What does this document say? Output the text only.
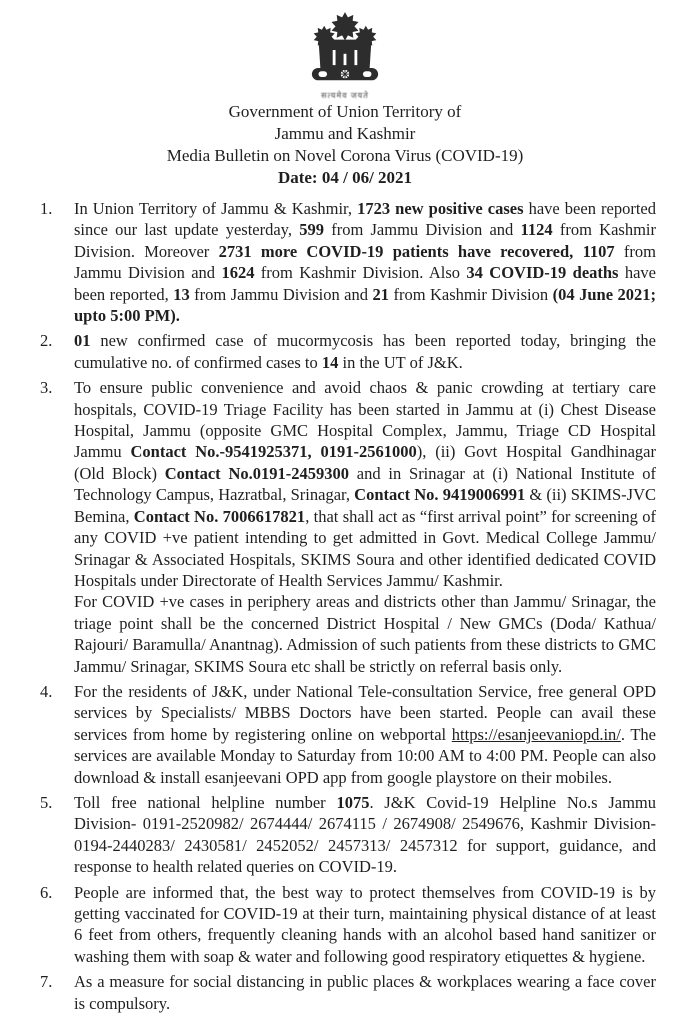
सत्यमेव जयते
Government of Union Territory of
Jammu and Kashmir
Media Bulletin on Novel Corona Virus (COVID-19)
Date: 04 / 06/ 2021
1.	In Union Territory of Jammu & Kashmir, 1723 new positive cases have been reported since our last update yesterday, 599 from Jammu Division and 1124 from Kashmir Division. Moreover 2731 more COVID-19 patients have recovered, 1107 from Jammu Division and 1624 from Kashmir Division. Also 34 COVID-19 deaths have been reported, 13 from Jammu Division and 21 from Kashmir Division (04 June 2021; upto 5:00 PM).

2.	01 new confirmed case of mucormycosis has been reported today, bringing the cumulative no. of confirmed cases to 14 in the UT of J&K.

3.	To ensure public convenience and avoid chaos & panic crowding at tertiary care hospitals, COVID-19 Triage Facility has been started in Jammu at (i) Chest Disease Hospital, Jammu (opposite GMC Hospital Complex, Jammu, Triage CD Hospital Jammu Contact No.-9541925371, 0191-2561000), (ii) Govt Hospital Gandhinagar (Old Block) Contact No.0191-2459300 and in Srinagar at (i) National Institute of Technology Campus, Hazratbal, Srinagar, Contact No. 9419006991 & (ii) SKIMS-JVC Bemina, Contact No. 7006617821, that shall act as “first arrival point” for screening of any COVID +ve patient intending to get admitted in Govt. Medical College Jammu/ Srinagar & Associated Hospitals, SKIMS Soura and other identified dedicated COVID Hospitals under Directorate of Health Services Jammu/ Kashmir.

For COVID +ve cases in periphery areas and districts other than Jammu/ Srinagar, the triage point shall be the concerned District Hospital / New GMCs (Doda/ Kathua/ Rajouri/ Baramulla/ Anantnag). Admission of such patients from these districts to GMC Jammu/ Srinagar, SKIMS Soura etc shall be strictly on referral basis only.

4.	For the residents of J&K, under National Tele-consultation Service, free general OPD services by Specialists/ MBBS Doctors have been started. People can avail these services from home by registering online on webportal https://esanjeevaniopd.in/. The services are available Monday to Saturday from 10:00 AM to 4:00 PM. People can also download & install esanjeevani OPD app from google playstore on their mobiles.

5.	Toll free national helpline number 1075. J&K Covid-19 Helpline No.s Jammu Division- 0191-2520982/ 2674444/ 2674115 / 2674908/ 2549676, Kashmir Division- 0194-2440283/ 2430581/ 2452052/ 2457313/ 2457312 for support, guidance, and response to health related queries on COVID-19.

6.	People are informed that, the best way to protect themselves from COVID-19 is by getting vaccinated for COVID-19 at their turn, maintaining physical distance of at least 6 feet from others, frequently cleaning hands with an alcohol based hand sanitizer or washing them with soap & water and following good respiratory etiquettes & hygiene.

7.	As a measure for social distancing in public places & workplaces wearing a face cover is compulsory.
